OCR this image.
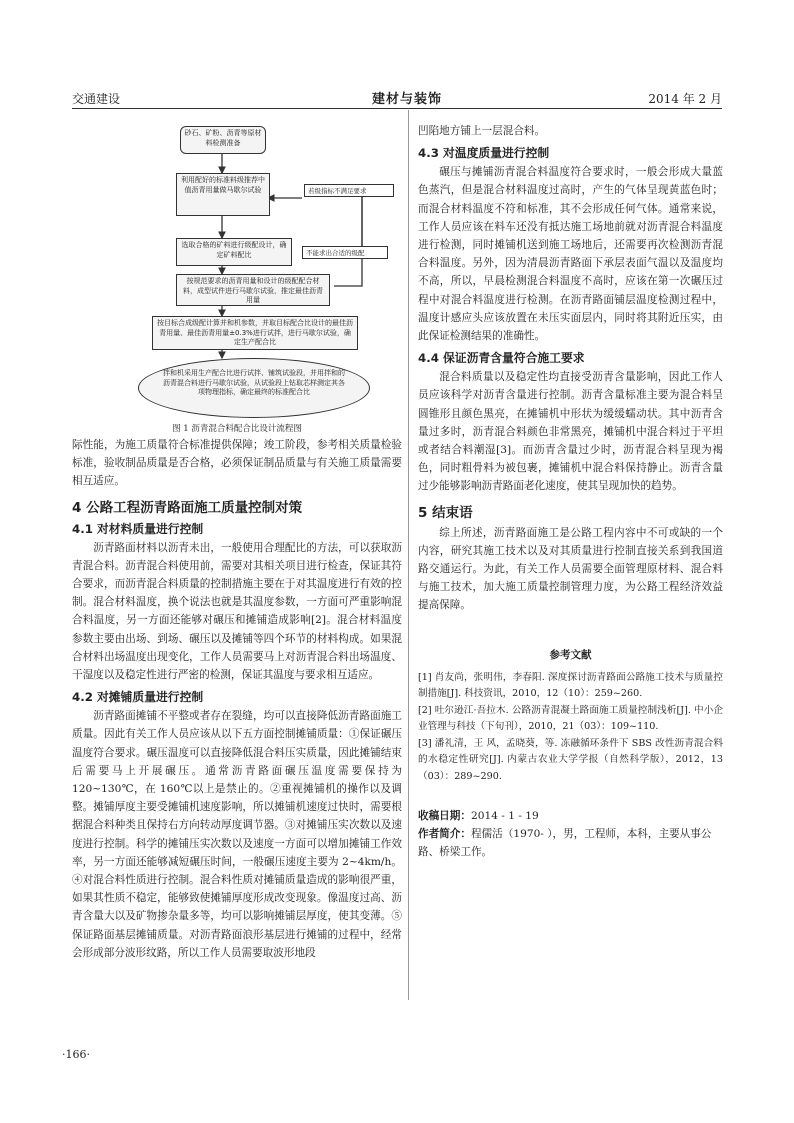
交通建设	建材与装饰	2014 年 2 月
砂石、矿粉、沥青等原材料检测准备
利用配好的标准料级推荐中值沥青用量做马歇尔试验	若级指标不满足要求
选取合格的矿料进行级配设计，确定矿料配比	不能求出合适的级配
按规范要求的沥青用量和设计的级配配合材料，成型试件进行马歇尔试验，推定最佳沥青用量
按目标合成级配计算并和机参数，并取目标配合比设计的最佳沥青用量、最佳沥青用量±0.3%进行试拌，进行马歇尔试验，确定生产配合比
拌和机采用生产配合比进行试拌、铺筑试验段，并用拌和的沥青混合料进行马歇尔试验，从试验段上钻取芯样测定其各项物理指标，确定最终的标准配合比
图 1 沥青混合料配合比设计流程图

际性能，为施工质量符合标准提供保障；竣工阶段，参考相关质量检验标准，验收制品质量是否合格，必须保证制品质量与有关施工质量需要相互适应。

4 公路工程沥青路面施工质量控制对策
4.1 对材料质量进行控制

沥青路面材料以沥青未出，一般使用合理配比的方法，可以获取沥青混合料。沥青混合料使用前，需要对其相关项目进行检查，保证其符合要求，而沥青混合料质量的控制措施主要在于对其温度进行有效的控制。混合材料温度，换个说法也就是其温度参数，一方面可严重影响混合料温度，另一方面还能够对碾压和摊铺造成影响[2]。混合材料温度参数主要由出场、到场、碾压以及摊铺等四个环节的材料构成。如果混合材料出场温度出现变化，工作人员需要马上对沥青混合料出场温度、干湿度以及稳定性进行严密的检测，保证其温度与要求相互适应。

4.2 对摊铺质量进行控制

沥青路面摊铺不平整或者存在裂缝，均可以直接降低沥青路面施工质量。因此有关工作人员应该从以下五方面控制摊铺质量：①保证碾压温度符合要求。碾压温度可以直接降低混合料压实质量，因此摊铺结束后需要马上开展碾压。通常沥青路面碾压温度需要保持为 120~130℃，在 160℃以上是禁止的。②重视摊铺机的操作以及调整。摊铺厚度主要受摊铺机速度影响，所以摊铺机速度过快时，需要根据混合料种类且保持右方向转动厚度调节器。③对摊铺压实次数以及速度进行控制。科学的摊铺压实次数以及速度一方面可以增加摊铺工作效率，另一方面还能够减短碾压时间，一般碾压速度主要为 2~4km/h。④对混合料性质进行控制。混合料性质对摊铺质量造成的影响很严重，如果其性质不稳定，能够致使摊铺厚度形成改变现象。像温度过高、沥青含量大以及矿物掺杂量多等，均可以影响摊铺层厚度，使其变薄。⑤保证路面基层摊铺质量。对沥青路面浪形基层进行摊铺的过程中，经常会形成部分波形纹路，所以工作人员需要取波形地段

凹陷地方铺上一层混合料。

4.3 对温度质量进行控制

碾压与摊铺沥青混合料温度符合要求时，一般会形成大量蓝色蒸汽，但是混合材料温度过高时，产生的气体呈现黄蓝色时；而混合材料温度不符和标准，其不会形成任何气体。通常来说，工作人员应该在料车还没有抵达施工场地前就对沥青混合料温度进行检测，同时摊铺机送到施工场地后，还需要再次检测沥青混合料温度。另外，因为清晨沥青路面下承层表面气温以及温度均不高，所以，早晨检测混合料温度不高时，应该在第一次碾压过程中对混合料温度进行检测。在沥青路面铺层温度检测过程中，温度计感应头应该放置在未压实面层内，同时将其附近压实，由此保证检测结果的准确性。

4.4 保证沥青含量符合施工要求

混合料质量以及稳定性均直接受沥青含量影响，因此工作人员应该科学对沥青含量进行控制。沥青含量标准主要为混合料呈圆锥形且颜色黑亮，在摊铺机中形状为缓缓蠕动状。其中沥青含量过多时，沥青混合料颜色非常黑亮，摊铺机中混合料过于平坦或者结合料潮湿[3]。而沥青含量过少时，沥青混合料呈现为褐色，同时粗骨料为被包裹，摊铺机中混合料保持静止。沥青含量过少能够影响沥青路面老化速度，使其呈现加快的趋势。

5 结束语

综上所述，沥青路面施工是公路工程内容中不可或缺的一个内容，研究其施工技术以及对其质量进行控制直接关系到我国道路交通运行。为此，有关工作人员需要全面管理原材料、混合料与施工技术，加大施工质量控制管理力度，为公路工程经济效益提高保障。

参考文献

[1] 肖友尚，张明伟，李春阳. 深度探讨沥青路面公路施工技术与质量控制措施[J]. 科技资讯，2010，12（10）：259~260.

[2] 吐尔逊江·吾拉木. 公路沥青混凝土路面施工质量控制浅析[J]. 中小企业管理与科技（下旬刊），2010，21（03）：109~110.

[3] 潘礼清，王 风，孟晓葵，等. 冻融循环条件下 SBS 改性沥青混合料的水稳定性研究[J]. 内蒙古农业大学学报（自然科学版），2012，13（03）：289~290.

收稿日期：2014 - 1 - 19

作者简介：程儒活（1970- ），男，工程师，本科，主要从事公路、桥梁工作。

·166·
